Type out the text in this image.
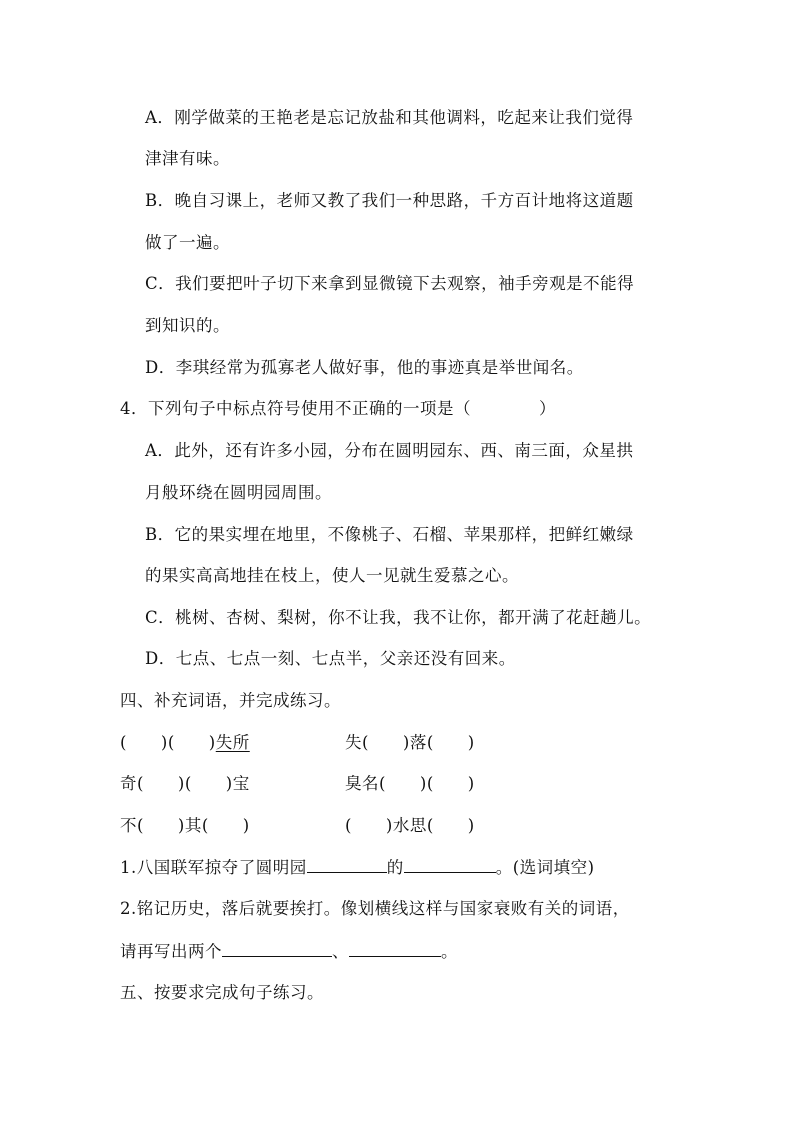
A．刚学做菜的王艳老是忘记放盐和其他调料，吃起来让我们觉得
津津有味。
B．晚自习课上，老师又教了我们一种思路，千方百计地将这道题
做了一遍。
C．我们要把叶子切下来拿到显微镜下去观察，袖手旁观是不能得
到知识的。
D．李琪经常为孤寡老人做好事，他的事迹真是举世闻名。
4．下列句子中标点符号使用不正确的一项是（　　　　）
A．此外，还有许多小园，分布在圆明园东、西、南三面，众星拱
月般环绕在圆明园周围。
B．它的果实埋在地里，不像桃子、石榴、苹果那样，把鲜红嫩绿
的果实高高地挂在枝上，使人一见就生爱慕之心。
C．桃树、杏树、梨树，你不让我，我不让你，都开满了花赶趟儿。
D．七点、七点一刻、七点半，父亲还没有回来。
四、补充词语，并完成练习。
(　　)(　　)失所	失(　　)落(　　)
奇(　　)(　　)宝	臭名(　　)(　　)
不(　　)其(　　)	(　　)水思(　　)
1.八国联军掠夺了圆明园	的	。(选词填空)
2.铭记历史，落后就要挨打。像划横线这样与国家衰败有关的词语，
请再写出两个	、	。
五、按要求完成句子练习。
